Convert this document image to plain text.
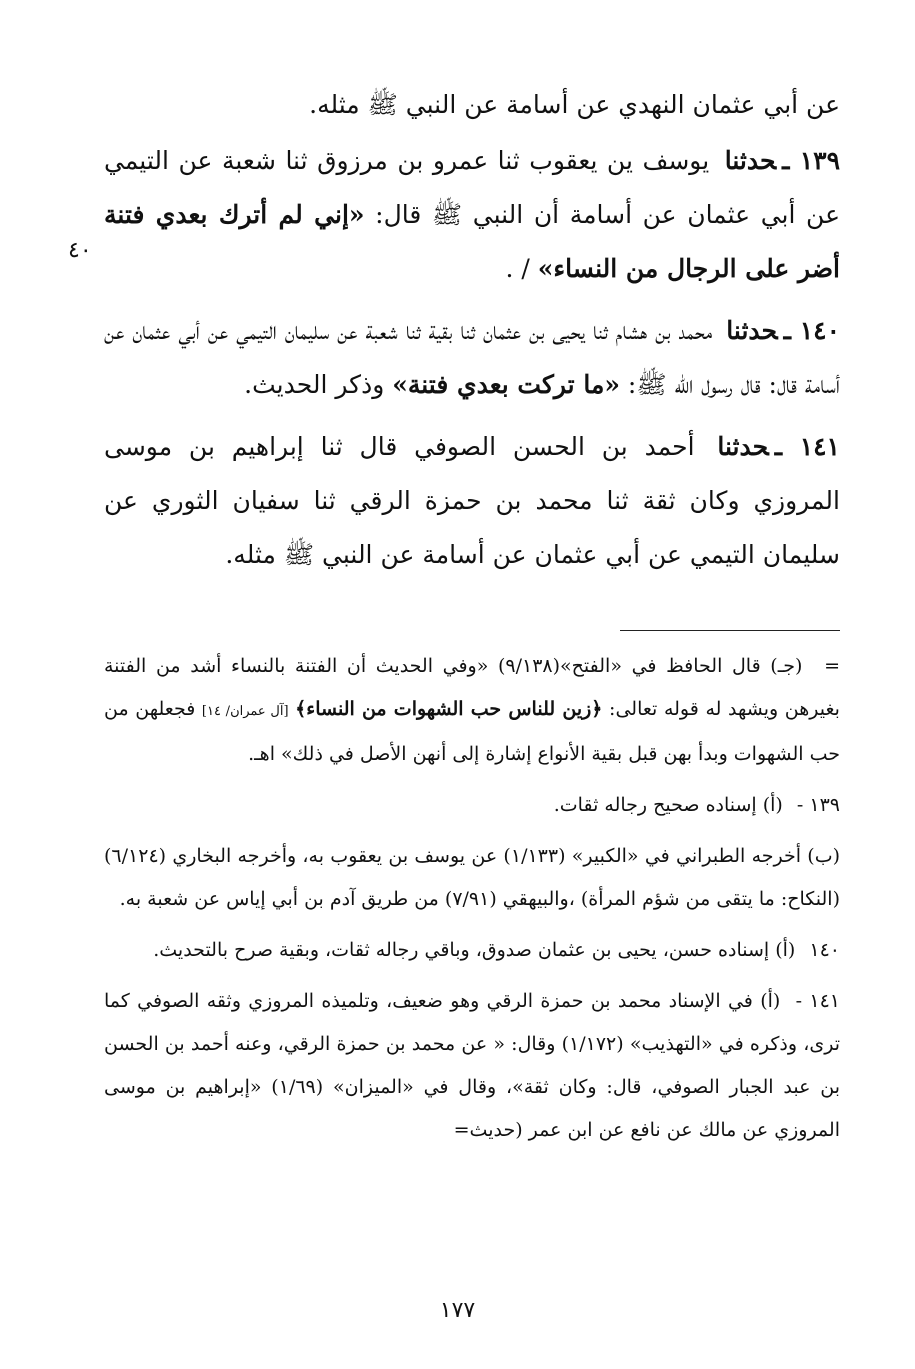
٤٠

عن أبي عثمان النهدي عن أسامة عن النبي ﷺ مثله.

١٣٩ ـحدثنا يوسف ين يعقوب ثنا عمرو بن مرزوق ثنا شعبة عن التيمي عن أبي عثمان عن أسامة أن النبي ﷺ قال: «إني لم أترك بعدي فتنة أضر على الرجال من النساء» / .

١٤٠ ـحدثنا محمد بن هشام ثنا يحيى بن عثمان ثنا بقية ثنا شعبة عن سليمان التيمي عن أبي عثمان عن أسامة قال: قال رسول الله ﷺ: «ما تركت بعدي فتنة» وذكر الحديث.

١٤١ ـحدثنا أحمد بن الحسن الصوفي قال ثنا إبراهيم بن موسى المروزي وكان ثقة ثنا محمد بن حمزة الرقي ثنا سفيان الثوري عن سليمان التيمي عن أبي عثمان عن أسامة عن النبي ﷺ مثله.

= (جـ) قال الحافظ في «الفتح»(٩/١٣٨) «وفي الحديث أن الفتنة بالنساء أشد من الفتنة بغيرهن ويشهد له قوله تعالى: ﴿زين للناس حب الشهوات من النساء﴾ [آل عمران/ ١٤] فجعلهن من حب الشهوات وبدأ بهن قبل بقية الأنواع إشارة إلى أنهن الأصل في ذلك» اهـ.

١٣٩ - (أ) إسناده صحيح رجاله ثقات.

(ب) أخرجه الطبراني في «الكبير» (١/١٣٣) عن يوسف بن يعقوب به، وأخرجه البخاري (٦/١٢٤) (النكاح: ما يتقى من شؤم المرأة) ،والبيهقي (٧/٩١) من طريق آدم بن أبي إياس عن شعبة به.

١٤٠ (أ) إسناده حسن، يحيى بن عثمان صدوق، وباقي رجاله ثقات، وبقية صرح بالتحديث.

١٤١ - (أ) في الإسناد محمد بن حمزة الرقي وهو ضعيف، وتلميذه المروزي وثقه الصوفي كما ترى، وذكره في «التهذيب» (١/١٧٢) وقال: « عن محمد بن حمزة الرقي، وعنه أحمد بن الحسن بن عبد الجبار الصوفي، قال: وكان ثقة»، وقال في «الميزان» (١/٦٩) «إبراهيم بن موسى المروزي عن مالك عن نافع عن ابن عمر (حديث=

١٧٧
